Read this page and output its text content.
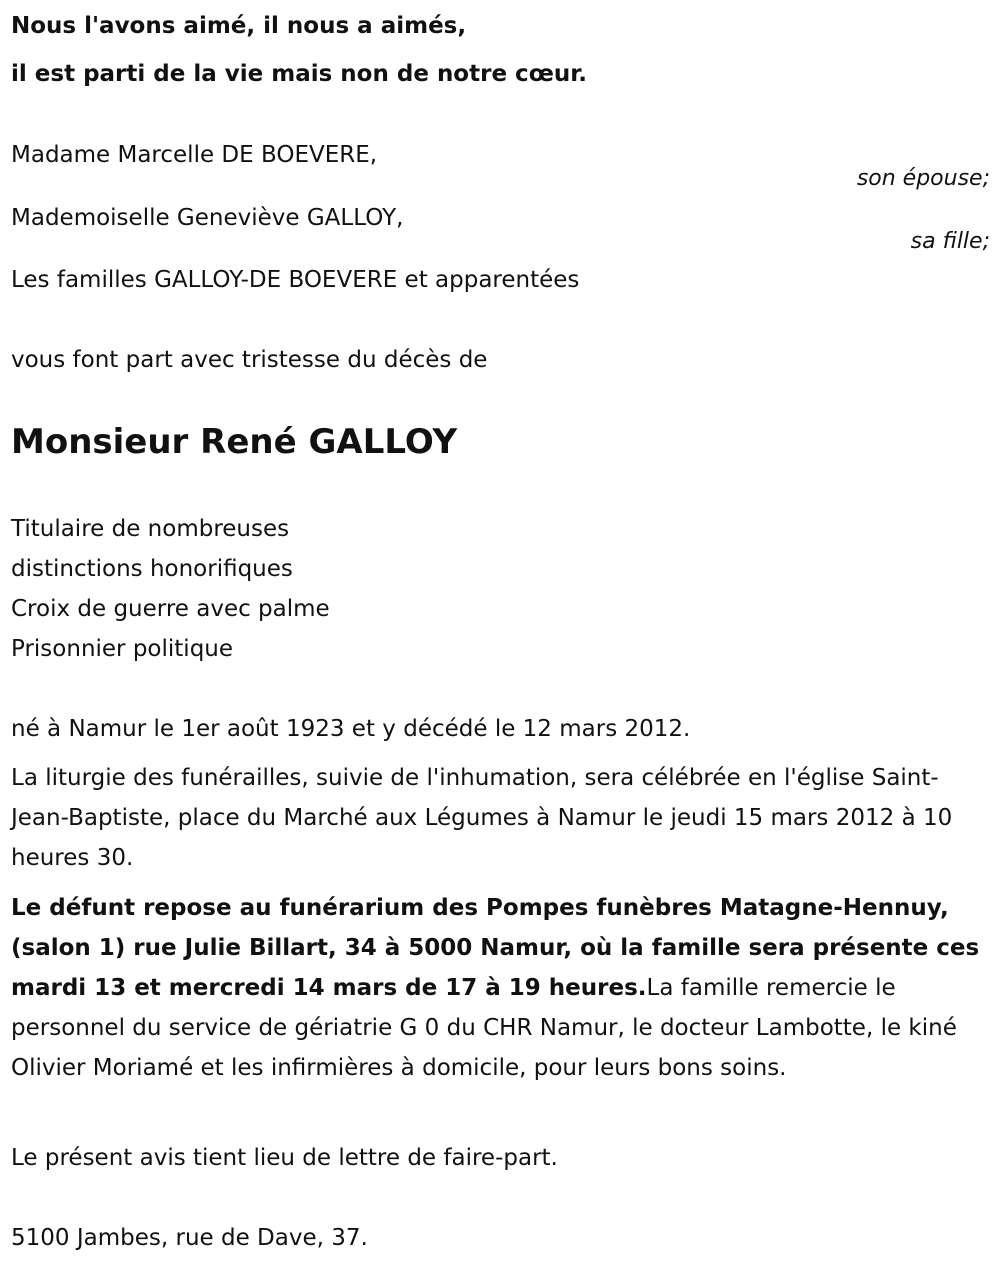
Nous l'avons aimé, il nous a aimés,
il est parti de la vie mais non de notre cœur.
Madame Marcelle DE BOEVERE,
son épouse;
Mademoiselle Geneviève GALLOY,
sa fille;
Les familles GALLOY-DE BOEVERE et apparentées
vous font part avec tristesse du décès de
Monsieur René GALLOY
Titulaire de nombreuses
distinctions honorifiques
Croix de guerre avec palme
Prisonnier politique
né à Namur le 1er août 1923 et y décédé le 12 mars 2012.
La liturgie des funérailles, suivie de l'inhumation, sera célébrée en l'église Saint-Jean-Baptiste, place du Marché aux Légumes à Namur le jeudi 15 mars 2012 à 10 heures 30.
Le défunt repose au funérarium des Pompes funèbres Matagne-Hennuy, (salon 1) rue Julie Billart, 34 à 5000 Namur, où la famille sera présente ces mardi 13 et mercredi 14 mars de 17 à 19 heures.La famille remercie le personnel du service de gériatrie G 0 du CHR Namur, le docteur Lambotte, le kiné Olivier Moriamé et les infirmières à domicile, pour leurs bons soins.
Le présent avis tient lieu de lettre de faire-part.
5100 Jambes, rue de Dave, 37.
